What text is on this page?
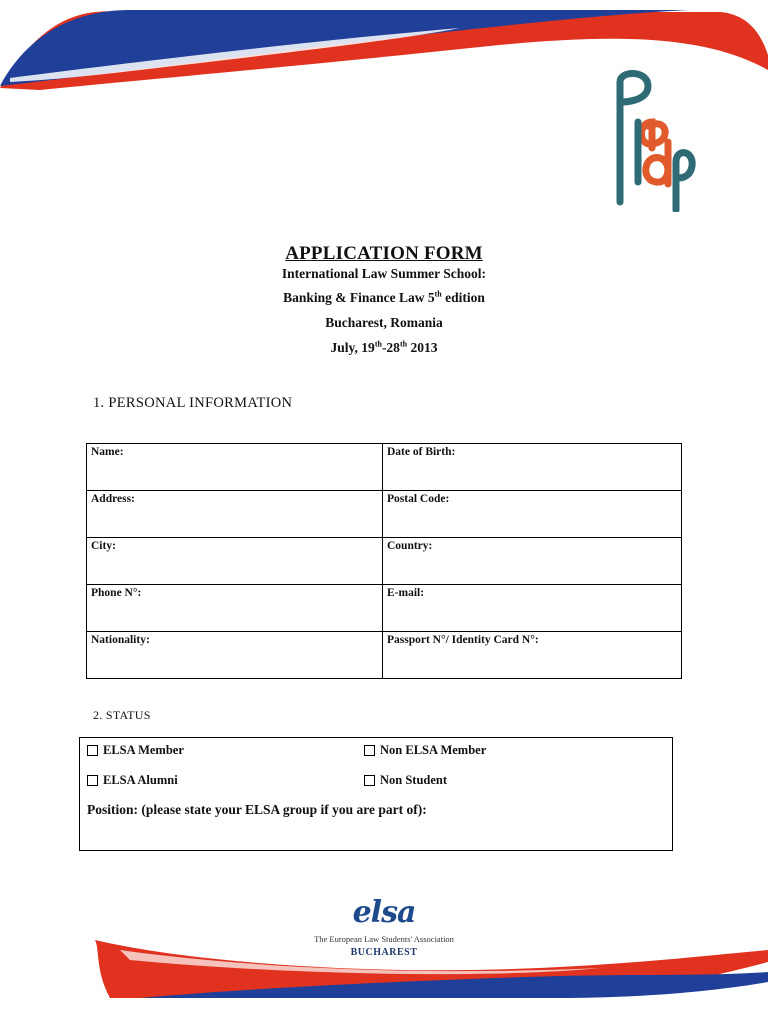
APPLICATION FORM
International Law Summer School:
Banking & Finance Law 5th edition
Bucharest, Romania
July, 19th-28th 2013
1. PERSONAL INFORMATION
Name:	Date of Birth:

Address:	Postal Code:

City:	Country:

Phone N°:	E-mail:

Nationality:	Passport N°/ Identity Card N°:
2. STATUS
ELSA Member	Non ELSA Member
ELSA Alumni	Non Student
Position: (please state your ELSA group if you are part of):
elsa
The European Law Students' Association
BUCHAREST
